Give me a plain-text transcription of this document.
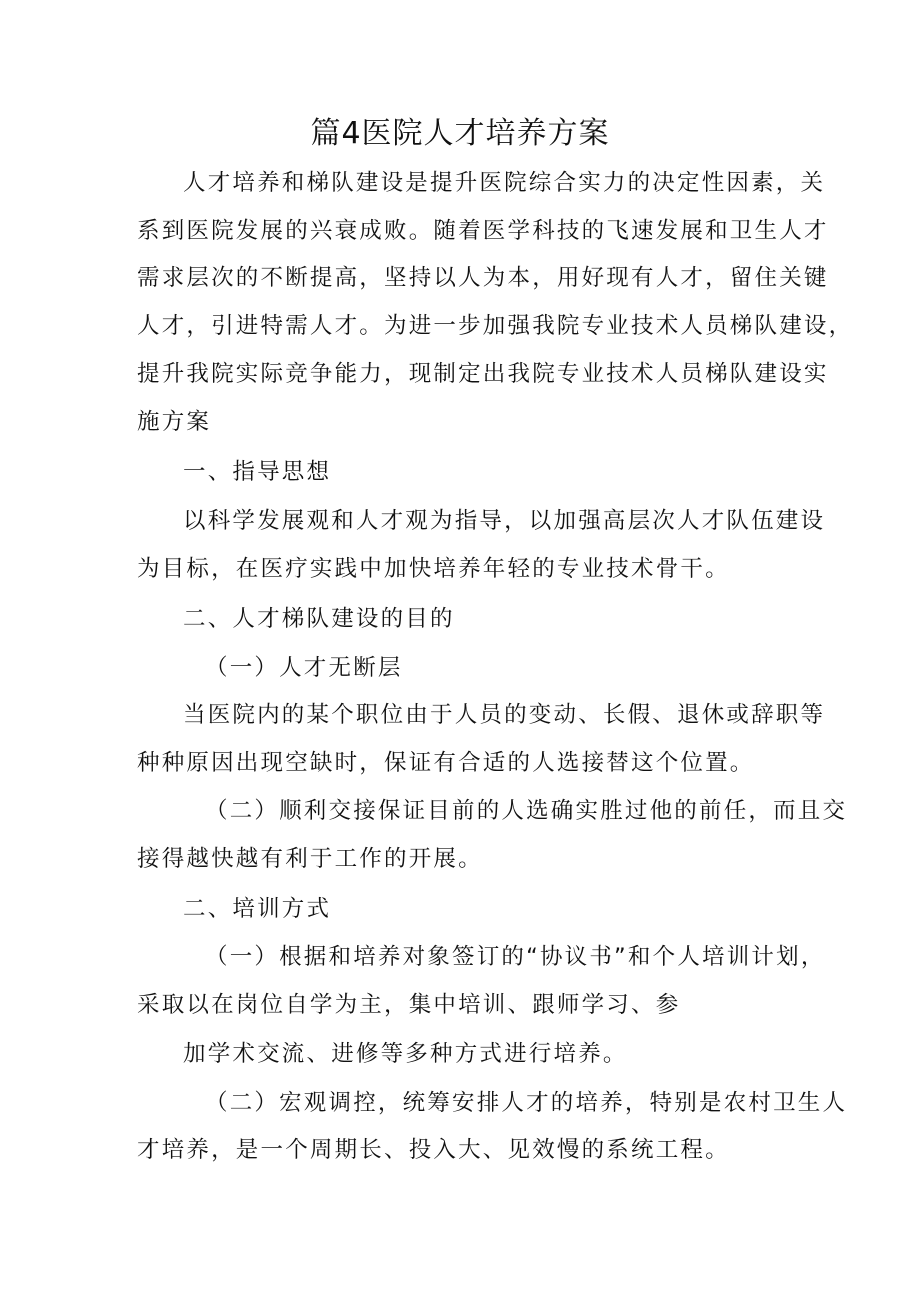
篇4医院人才培养方案
人才培养和梯队建设是提升医院综合实力的决定性因素，关
系到医院发展的兴衰成败。随着医学科技的飞速发展和卫生人才
需求层次的不断提高，坚持以人为本，用好现有人才，留住关键
人才，引进特需人才。为进一步加强我院专业技术人员梯队建设，
提升我院实际竞争能力，现制定出我院专业技术人员梯队建设实
施方案
一、指导思想
以科学发展观和人才观为指导，以加强高层次人才队伍建设
为目标，在医疗实践中加快培养年轻的专业技术骨干。
二、人才梯队建设的目的
（一）人才无断层
当医院内的某个职位由于人员的变动、长假、退休或辞职等
种种原因出现空缺时，保证有合适的人选接替这个位置。
（二）顺利交接保证目前的人选确实胜过他的前任，而且交
接得越快越有利于工作的开展。
二、培训方式
（一）根据和培养对象签订的“协议书”和个人培训计划，
采取以在岗位自学为主，集中培训、跟师学习、参
加学术交流、进修等多种方式进行培养。
（二）宏观调控，统筹安排人才的培养，特别是农村卫生人
才培养，是一个周期长、投入大、见效慢的系统工程。
